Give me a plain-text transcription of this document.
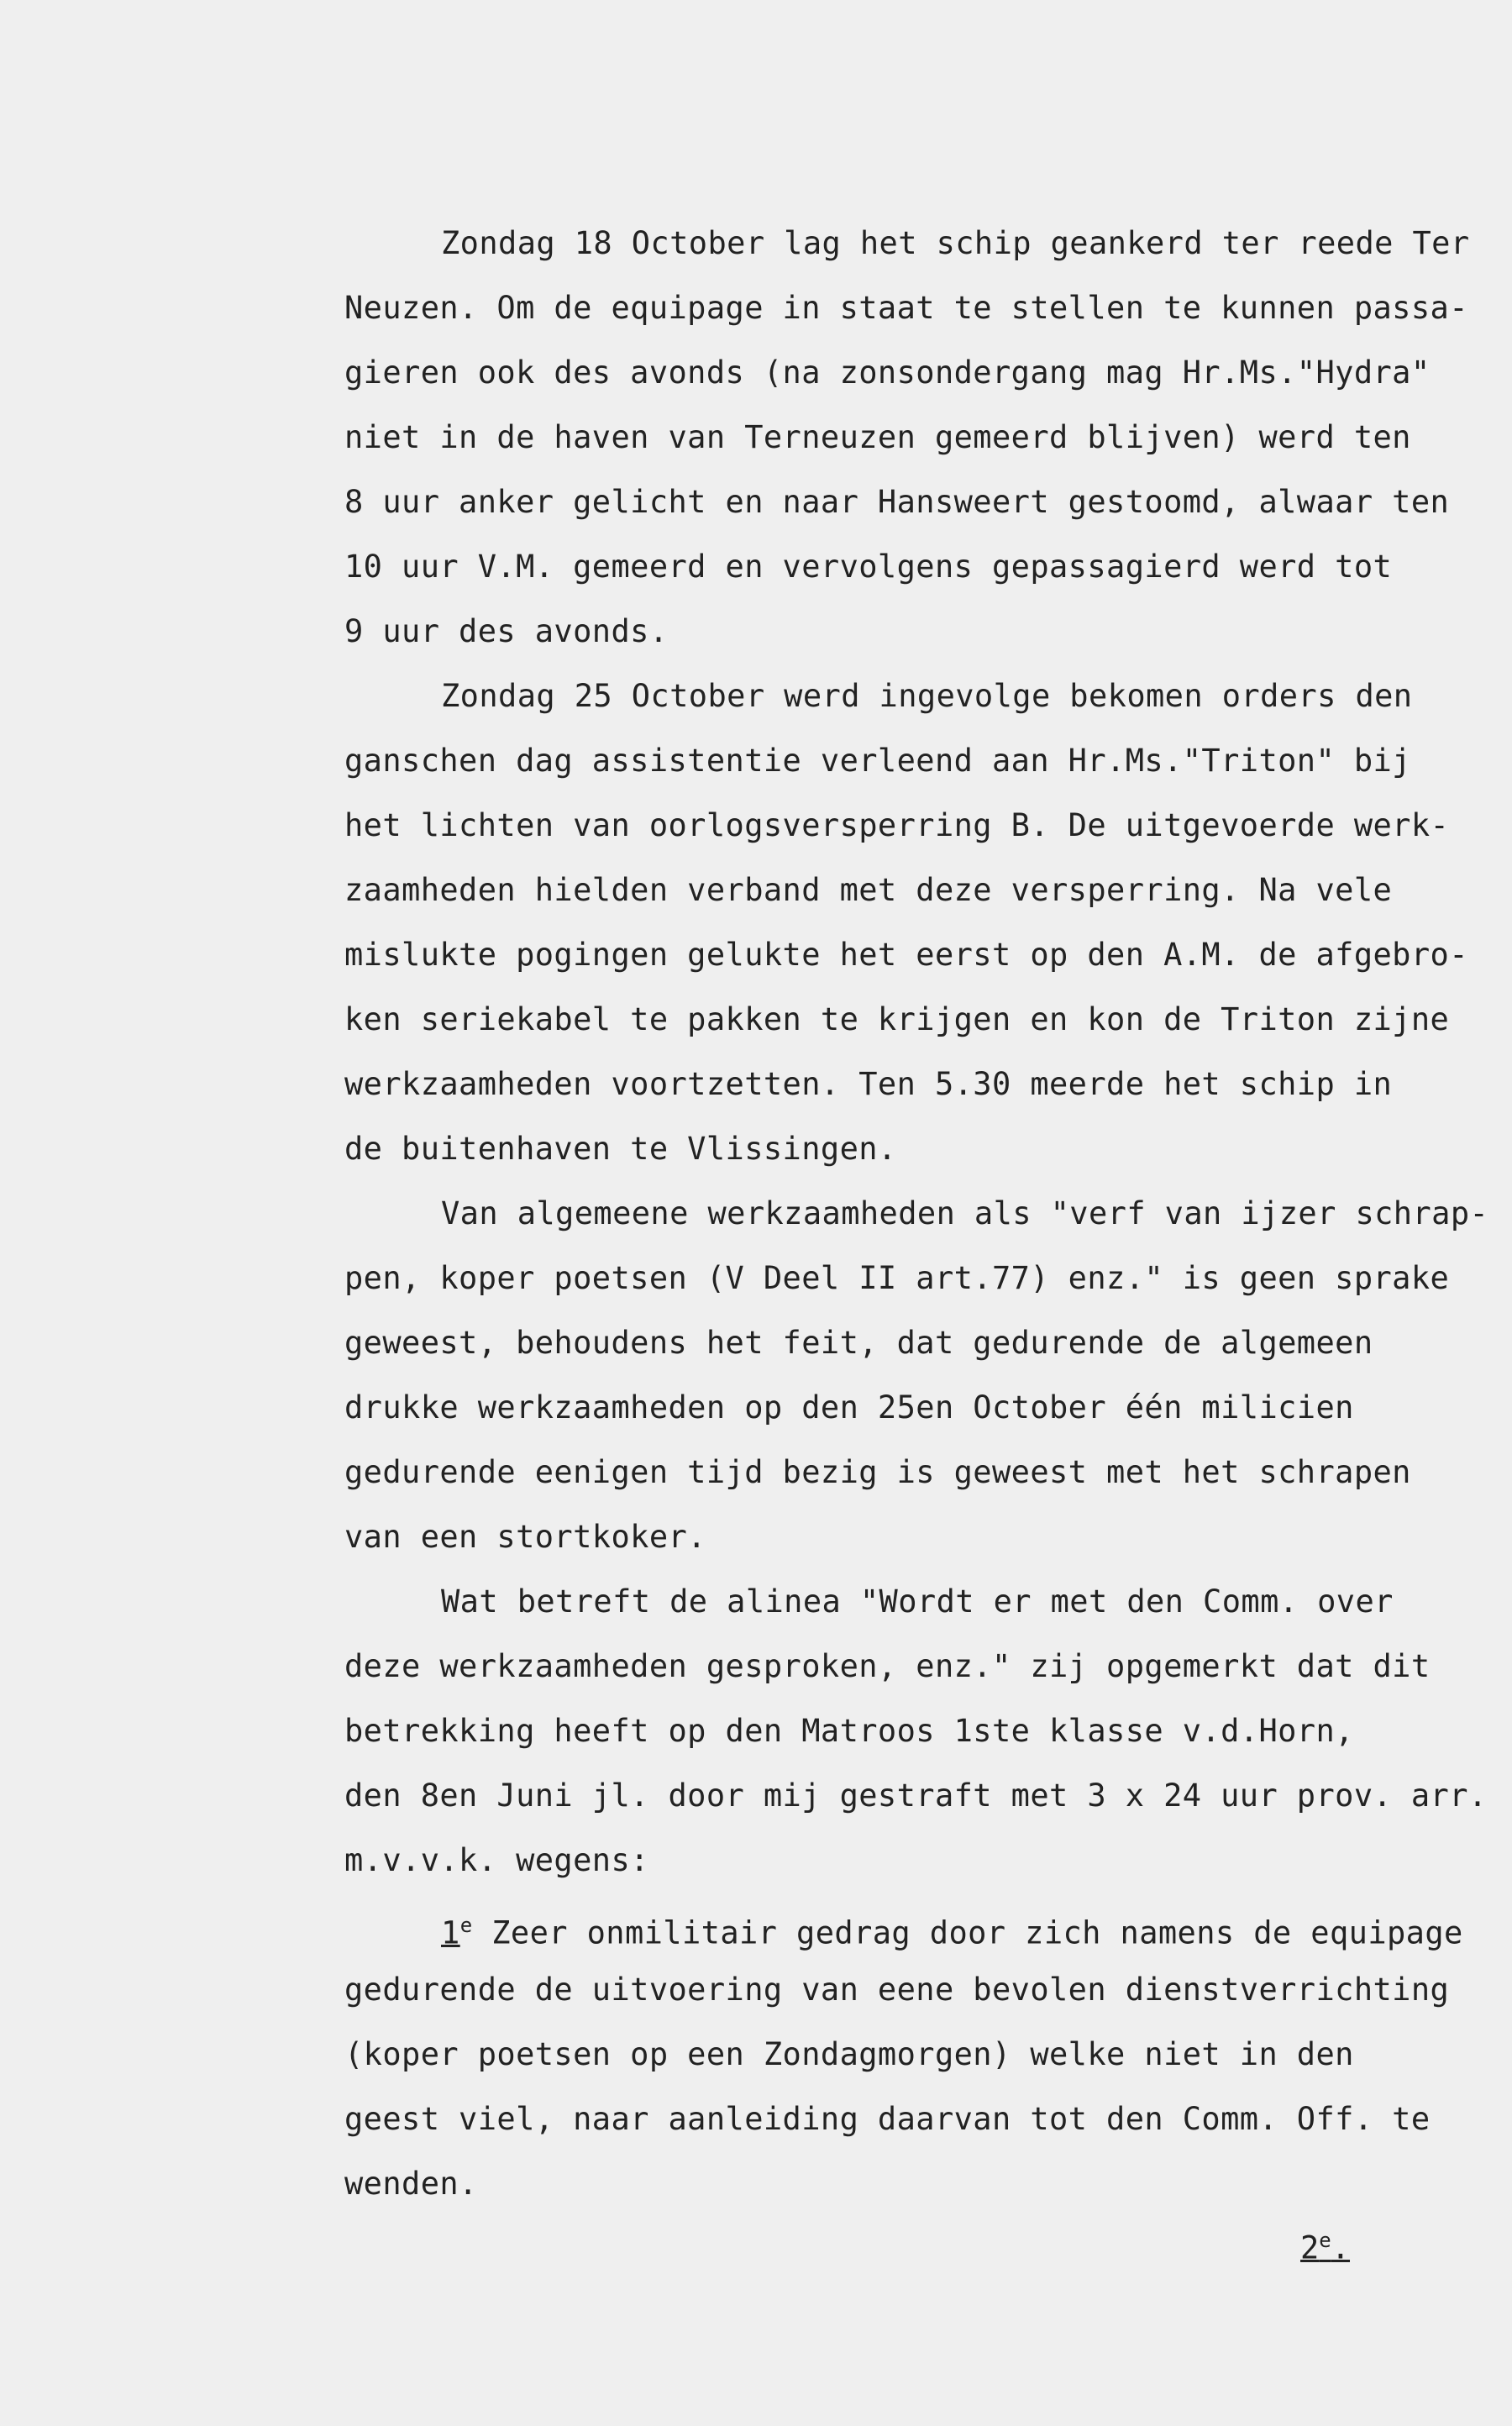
Zondag 18 October lag het schip geankerd ter reede Ter
Neuzen. Om de equipage in staat te stellen te kunnen passa-
gieren ook des avonds (na zonsondergang mag Hr.Ms."Hydra"
niet in de haven van Terneuzen gemeerd blijven) werd ten
8 uur anker gelicht en naar Hansweert gestoomd, alwaar ten
10 uur V.M. gemeerd en vervolgens gepassagierd werd tot
9 uur des avonds.
Zondag 25 October werd ingevolge bekomen orders den
ganschen dag assistentie verleend aan Hr.Ms."Triton" bij
het lichten van oorlogsversperring B. De uitgevoerde werk-
zaamheden hielden verband met deze versperring. Na vele
mislukte pogingen gelukte het eerst op den A.M. de afgebro-
ken seriekabel te pakken te krijgen en kon de Triton zijne
werkzaamheden voortzetten. Ten 5.30 meerde het schip in
de buitenhaven te Vlissingen.
Van algemeene werkzaamheden als "verf van ijzer schrap-
pen, koper poetsen (V Deel II art.77) enz." is geen sprake
geweest, behoudens het feit, dat gedurende de algemeen
drukke werkzaamheden op den 25en October één milicien
gedurende eenigen tijd bezig is geweest met het schrapen
van een stortkoker.
Wat betreft de alinea "Wordt er met den Comm. over
deze werkzaamheden gesproken, enz." zij opgemerkt dat dit
betrekking heeft op den Matroos 1ste klasse v.d.Horn,
den 8en Juni jl. door mij gestraft met 3 x 24 uur prov. arr.
m.v.v.k. wegens:
1e Zeer onmilitair gedrag door zich namens de equipage
gedurende de uitvoering van eene bevolen dienstverrichting
(koper poetsen op een Zondagmorgen) welke niet in den
geest viel, naar aanleiding daarvan tot den Comm. Off. te
wenden.
2e.
